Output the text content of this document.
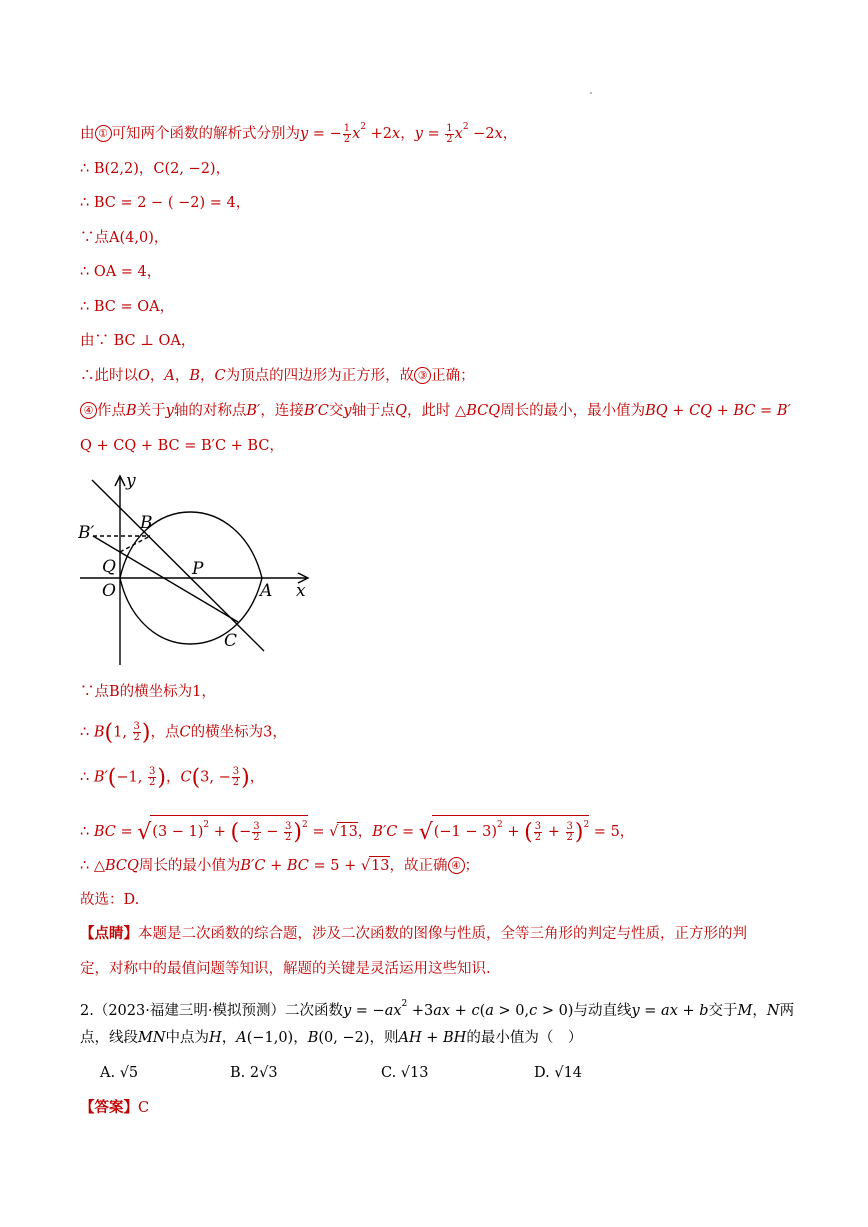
由 ① 可知两个函数的解析式分别为y = − $\frac{1}{2} x^2 +2x$，$y = \frac{1}{2} x^2 -2x$，
∴ B(2,2)，C(2, −2)，
∴ BC = 2 − ( −2) = 4，
∵点A(4,0)，
∴ OA = 4，
∴ BC = OA，
由∵ BC ⊥ OA，
∴此时以O，A，B，C为顶点的四边形为正方形，故 ③ 正确；
④ 作点B关于y轴的对称点B′，连接B′C交y轴于点Q，此时 △BCQ周长的最小，最小值为BQ + CQ + BC = B′
Q + CQ + BC = B′C + BC，
y
B′	B
Q	P
O	A x
C
∵点B的横坐标为1，
∴ B(1, $\frac{3}{2}$ )，点C的横坐标为3，
∴ B′(−1, $\frac{3}{2}$ )，C(3, − $\frac{3}{2}$ )，
∴ BC = $√(3 - 1)^2$ + (− $\frac{3}{2} - \frac{3}{2} )^2 = √13$，$B'C = √(-1 - 3)^2$ + ( $\frac{3}{2} + \frac{3}{2} )^2 = 5$，
∴ △BCQ周长的最小值为B′C + BC = 5 + √13，故正确 ④ ；
故选：D.
【点睛】本题是二次函数的综合题，涉及二次函数的图像与性质，全等三角形的判定与性质，正方形的判
定，对称中的最值问题等知识，解题的关键是灵活运用这些知识.
2.（2023·福建三明·模拟预测）二次函数$y = -ax^2 +3ax + c(a > 0,c > 0)$与动直线y = ax + b交于M，N两
点，线段MN中点为H，A(−1,0)，B(0, −2)，则AH + BH的最小值为（　）
A. √5	B. 2√3	C. √13	D. √14
【答案】C
